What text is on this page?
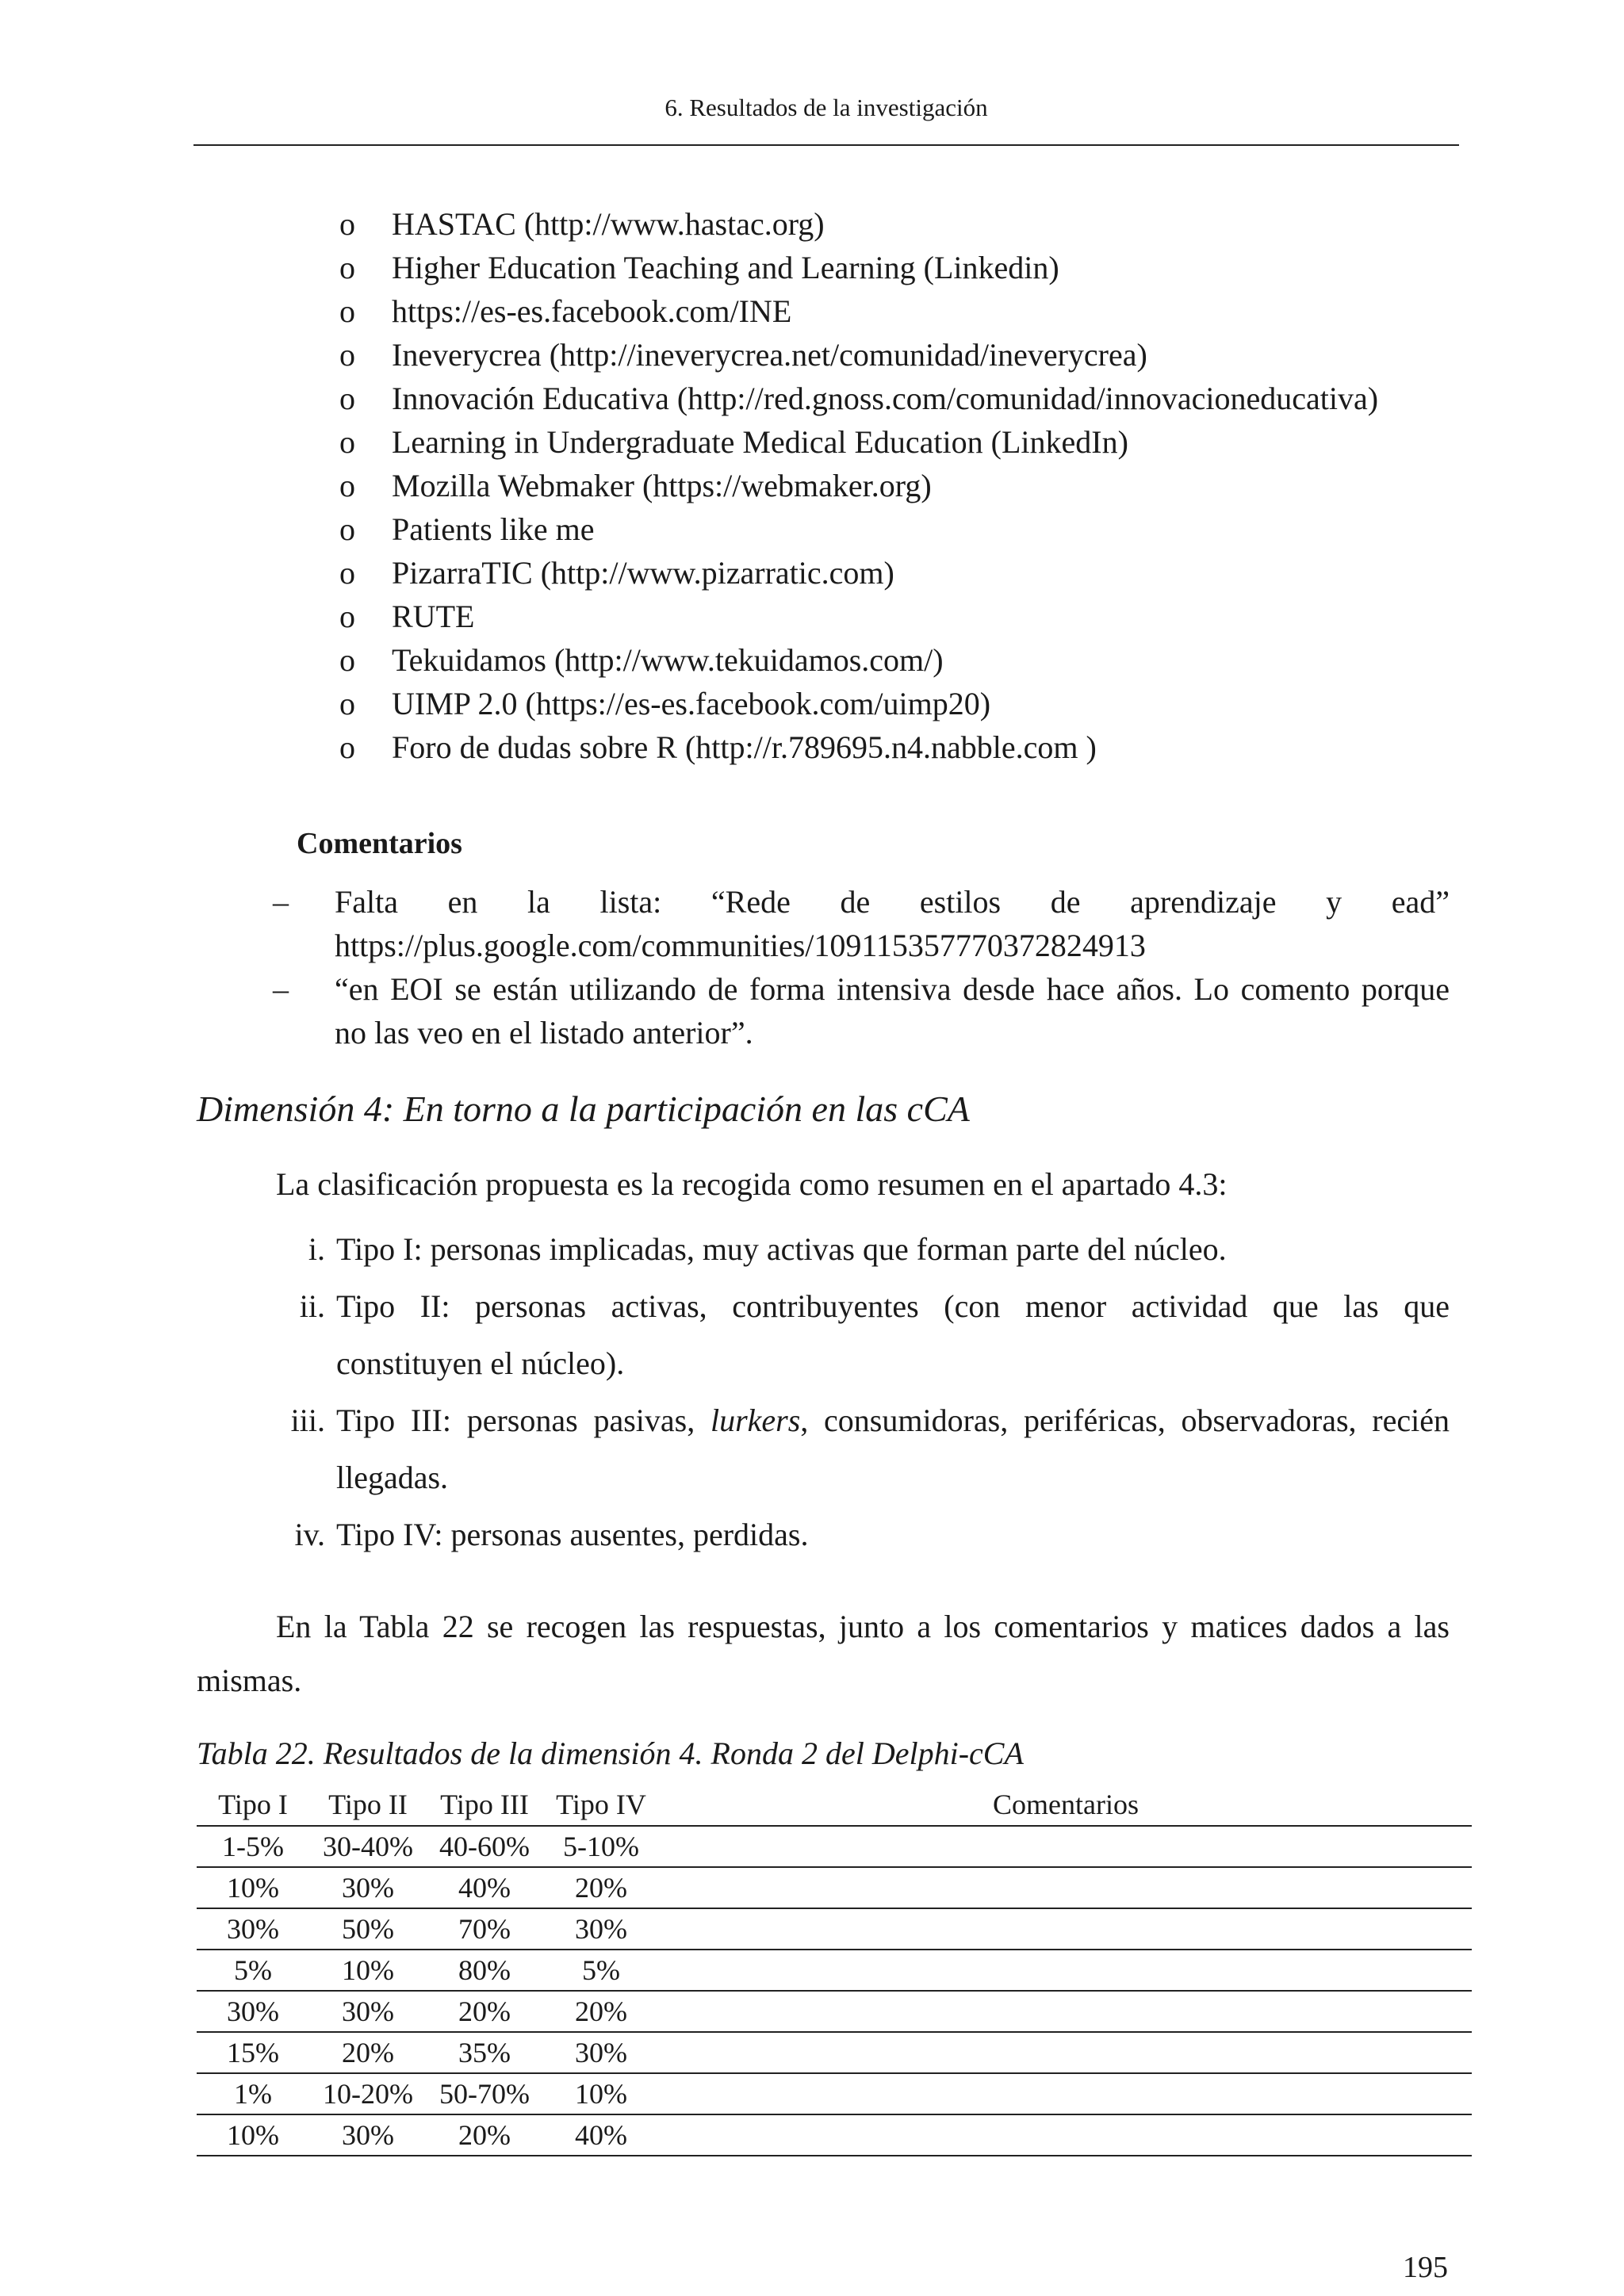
6. Resultados de la investigación
o HASTAC (http://www.hastac.org)
o Higher Education Teaching and Learning (Linkedin)
o https://es-es.facebook.com/INE
o Ineverycrea (http://ineverycrea.net/comunidad/ineverycrea)
o Innovación Educativa (http://red.gnoss.com/comunidad/innovacioneducativa)
o Learning in Undergraduate Medical Education (LinkedIn)
o Mozilla Webmaker (https://webmaker.org)
o Patients like me
o PizarraTIC (http://www.pizarratic.com)
o RUTE
o Tekuidamos (http://www.tekuidamos.com/)
o UIMP 2.0 (https://es-es.facebook.com/uimp20)
o Foro de dudas sobre R (http://r.789695.n4.nabble.com )
Comentarios
– Falta en la lista: “Rede de estilos de aprendizaje y ead”
https://plus.google.com/communities/109115357770372824913
– “en EOI se están utilizando de forma intensiva desde hace años. Lo comento porque
no las veo en el listado anterior”.
Dimensión 4: En torno a la participación en las cCA
La clasificación propuesta es la recogida como resumen en el apartado 4.3:
i. Tipo I: personas implicadas, muy activas que forman parte del núcleo.
ii. Tipo II: personas activas, contribuyentes (con menor actividad que las que
constituyen el núcleo).
iii. Tipo III: personas pasivas, lurkers, consumidoras, periféricas, observadoras, recién
llegadas.
iv. Tipo IV: personas ausentes, perdidas.
En la Tabla 22 se recogen las respuestas, junto a los comentarios y matices dados a las mismas.
Tabla 22. Resultados de la dimensión 4. Ronda 2 del Delphi-cCA
Tipo I	Tipo II	Tipo III	Tipo IV	Comentarios
1-5%	30-40%	40-60%	5-10%	
10%	30%	40%	20%	
30%	50%	70%	30%	
5%	10%	80%	5%	
30%	30%	20%	20%	
15%	20%	35%	30%	
1%	10-20%	50-70%	10%	
10%	30%	20%	40%	
195
